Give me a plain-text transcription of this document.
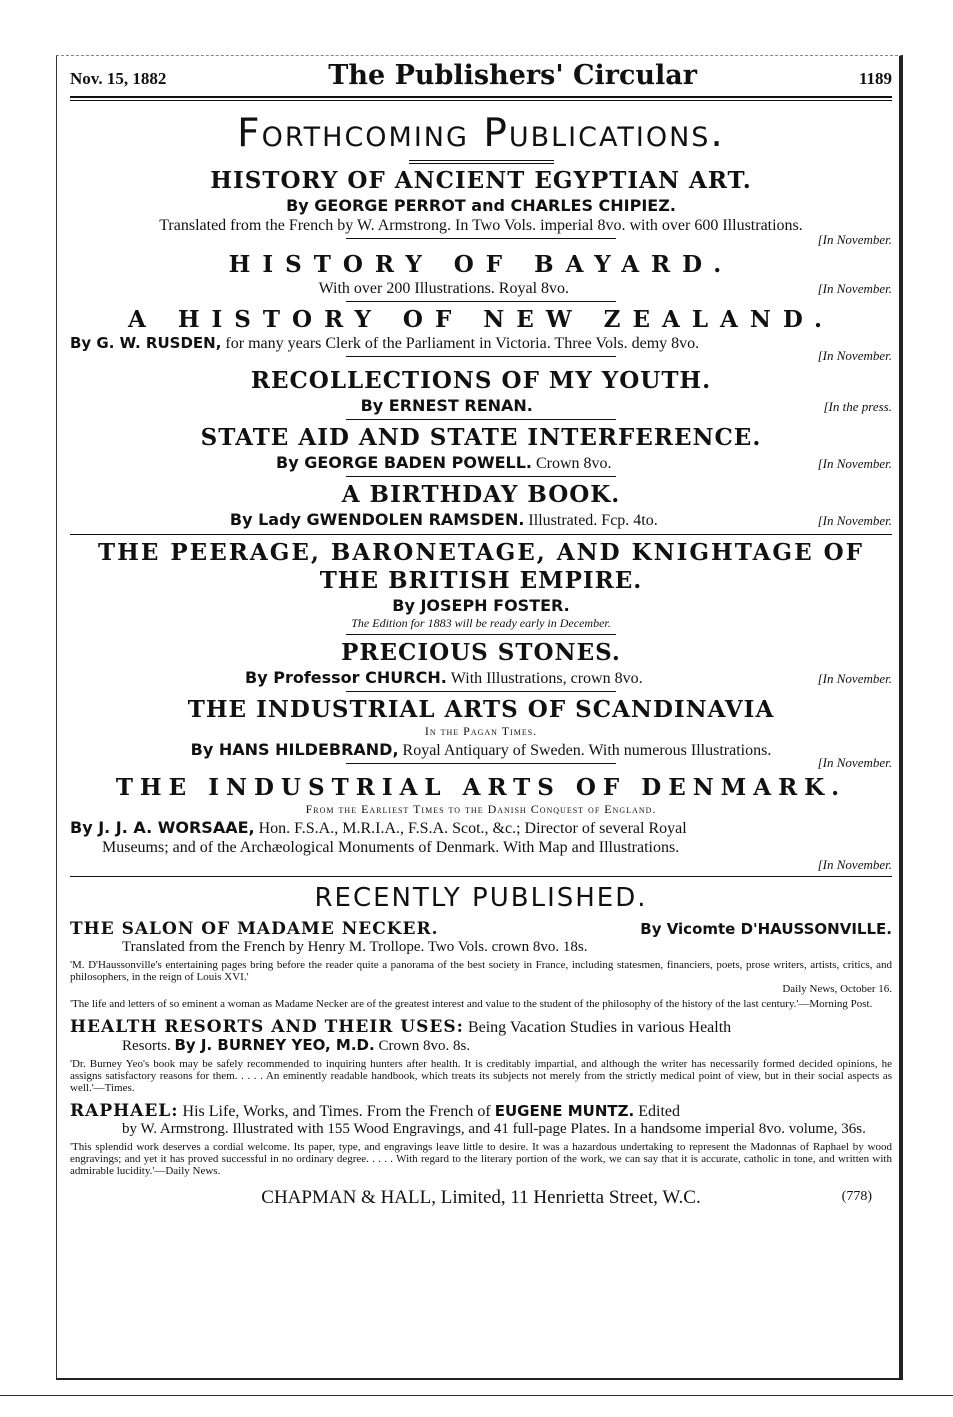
Nov. 15, 1882	The Publishers' Circular	1189
Forthcoming Publications.

HISTORY OF ANCIENT EGYPTIAN ART.

By GEORGE PERROT and CHARLES CHIPIEZ.

Translated from the French by W. Armstrong. In Two Vols. imperial 8vo. with over 600 Illustrations.

[In November.

HISTORY OF BAYARD.

With over 200 Illustrations. Royal 8vo.	[In November.

A HISTORY OF NEW ZEALAND.

By G. W. RUSDEN, for many years Clerk of the Parliament in Victoria. Three Vols. demy 8vo.

[In November.

RECOLLECTIONS OF MY YOUTH.

By ERNEST RENAN.	[In the press.

STATE AID AND STATE INTERFERENCE.

By GEORGE BADEN POWELL. Crown 8vo.	[In November.

A BIRTHDAY BOOK.

By Lady GWENDOLEN RAMSDEN. Illustrated. Fcp. 4to.	[In November.

THE PEERAGE, BARONETAGE, AND KNIGHTAGE OF

THE BRITISH EMPIRE.

By JOSEPH FOSTER.

The Edition for 1883 will be ready early in December.

PRECIOUS STONES.

By Professor CHURCH. With Illustrations, crown 8vo.	[In November.

THE INDUSTRIAL ARTS OF SCANDINAVIA

In the Pagan Times.

By HANS HILDEBRAND, Royal Antiquary of Sweden. With numerous Illustrations.

[In November.

THE INDUSTRIAL ARTS OF DENMARK.

From the Earliest Times to the Danish Conquest of England.

By J. J. A. WORSAAE, Hon. F.S.A., M.R.I.A., F.S.A. Scot., &c.; Director of several Royal

Museums; and of the Archæological Monuments of Denmark. With Map and Illustrations.

[In November.

RECENTLY PUBLISHED.
THE SALON OF MADAME NECKER.	By Vicomte D'HAUSSONVILLE.

Translated from the French by Henry M. Trollope. Two Vols. crown 8vo. 18s.

'M. D'Haussonville's entertaining pages bring before the reader quite a panorama of the best society in France, including statesmen, financiers, poets, prose writers, artists, critics, and philosophers, in the reign of Louis XVI.'

Daily News, October 16.

'The life and letters of so eminent a woman as Madame Necker are of the greatest interest and value to the student of the philosophy of the history of the last century.'—Morning Post.

HEALTH RESORTS AND THEIR USES: Being Vacation Studies in various Health

Resorts. By J. BURNEY YEO, M.D. Crown 8vo. 8s.

'Dr. Burney Yeo's book may be safely recommended to inquiring hunters after health. It is creditably impartial, and although the writer has necessarily formed decided opinions, he assigns satisfactory reasons for them. . . . . An eminently readable handbook, which treats its subjects not merely from the strictly medical point of view, but in their social aspects as well.'—Times.

RAPHAEL: His Life, Works, and Times. From the French of EUGENE MUNTZ. Edited

by W. Armstrong. Illustrated with 155 Wood Engravings, and 41 full-page Plates. In a handsome imperial 8vo. volume, 36s.

'This splendid work deserves a cordial welcome. Its paper, type, and engravings leave little to desire. It was a hazardous undertaking to represent the Madonnas of Raphael by wood engravings; and yet it has proved successful in no ordinary degree. . . . . With regard to the literary portion of the work, we can say that it is accurate, catholic in tone, and written with admirable lucidity.'—Daily News.

CHAPMAN & HALL, Limited, 11 Henrietta Street, W.C.	(778)
